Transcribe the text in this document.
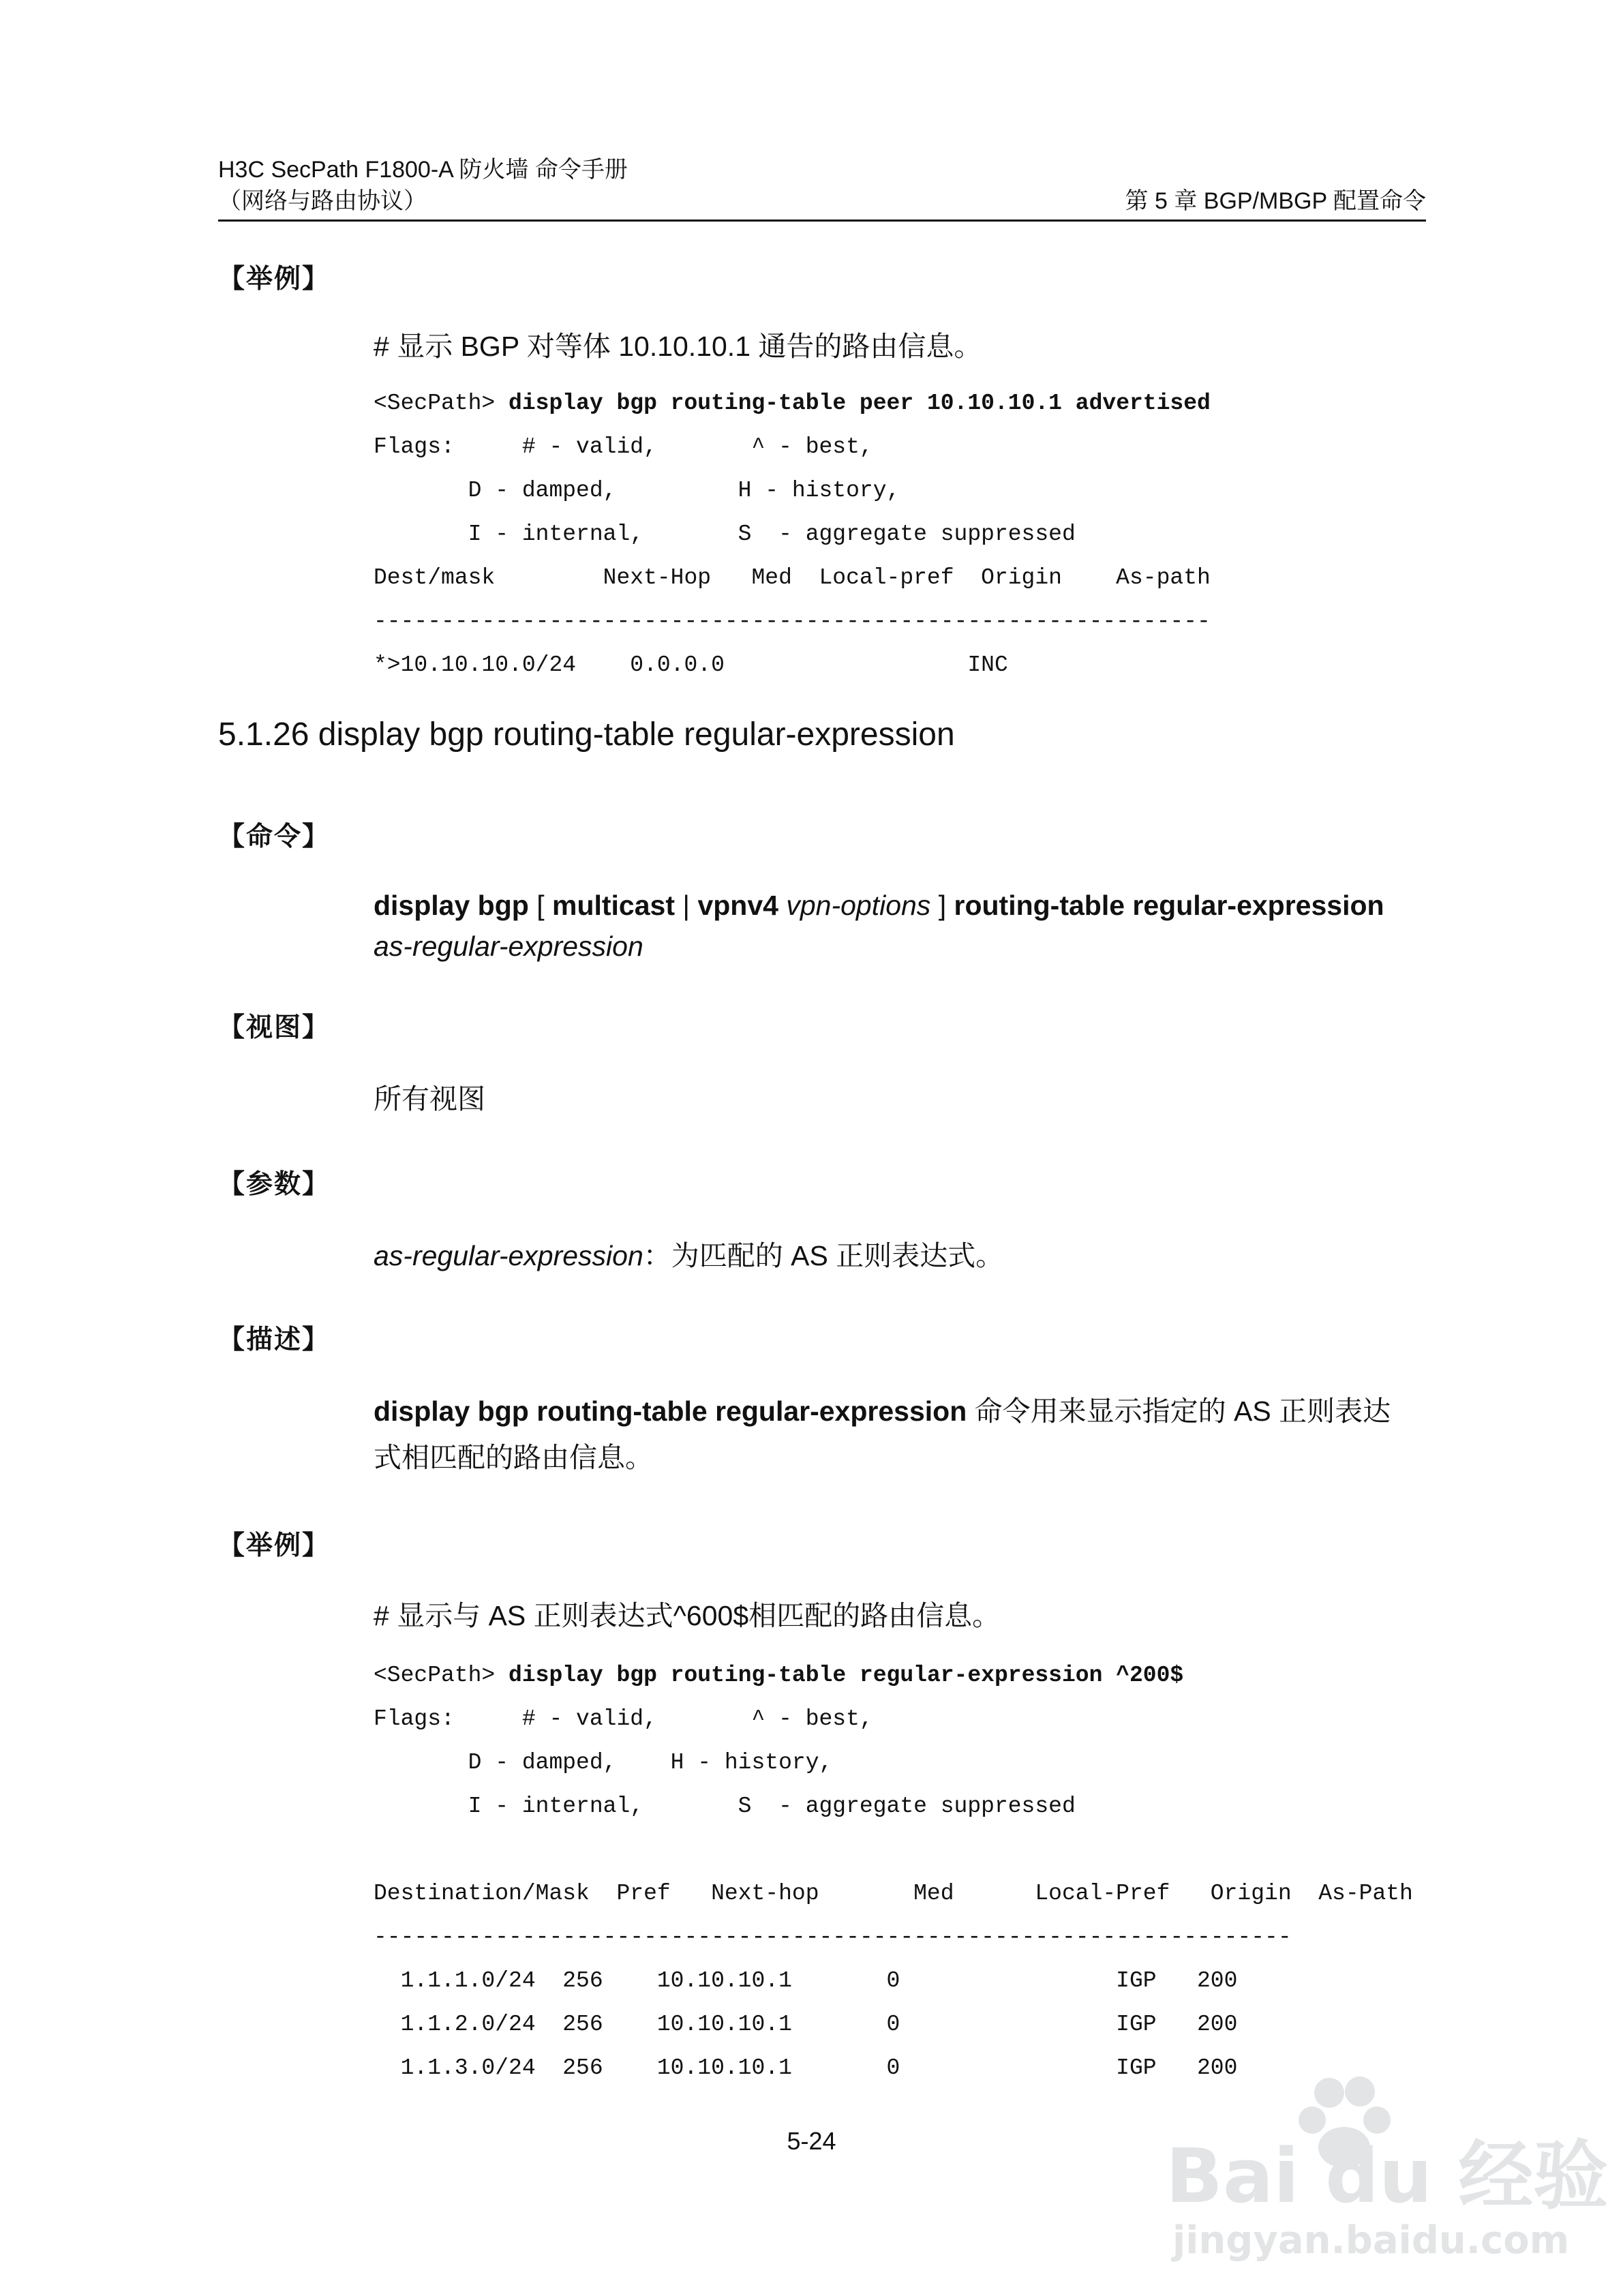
H3C SecPath F1800-A 防火墙 命令手册
（网络与路由协议）	第 5 章 BGP/MBGP 配置命令
【举例】
# 显示 BGP 对等体 10.10.10.1 通告的路由信息。
<SecPath> display bgp routing-table peer 10.10.10.1 advertised
Flags:     # - valid,       ^ - best,
D - damped,         H - history,
I - internal,       S  - aggregate suppressed
Dest/mask        Next-Hop   Med  Local-pref  Origin    As-path
--------------------------------------------------------------
*>10.10.10.0/24    0.0.0.0                  INC
5.1.26 display bgp routing-table regular-expression
【命令】
display bgp [ multicast | vpnv4 vpn-options ] routing-table regular-expression
as-regular-expression
【视图】
所有视图
【参数】
as-regular-expression：为匹配的 AS 正则表达式。
【描述】
display bgp routing-table regular-expression 命令用来显示指定的 AS 正则表达
式相匹配的路由信息。
【举例】
# 显示与 AS 正则表达式^600$相匹配的路由信息。
<SecPath> display bgp routing-table regular-expression ^200$
Flags:     # - valid,       ^ - best,
D - damped,    H - history,
I - internal,       S  - aggregate suppressed

Destination/Mask  Pref   Next-hop       Med      Local-Pref   Origin  As-Path
--------------------------------------------------------------------
1.1.1.0/24  256    10.10.10.1       0                IGP   200
1.1.2.0/24  256    10.10.10.1       0                IGP   200
1.1.3.0/24  256    10.10.10.1       0                IGP   200
5-24	Bai du 经验
jingyan.baidu.com
